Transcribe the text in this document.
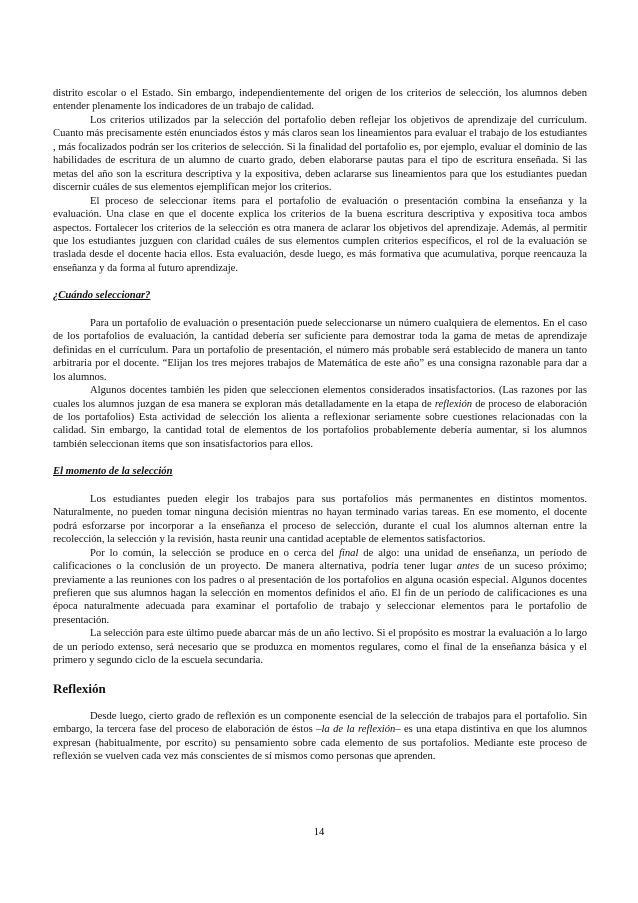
distrito escolar o el Estado. Sin embargo, independientemente del origen de los criterios de selección, los alumnos deben entender plenamente los indicadores de un trabajo de calidad.

Los criterios utilizados par la selección del portafolio deben reflejar los objetivos de aprendizaje del currículum. Cuanto más precisamente estén enunciados éstos y más claros sean los lineamientos para evaluar el trabajo de los estudiantes , más focalizados podrán ser los criterios de selección. Si la finalidad del portafolio es, por ejemplo, evaluar el dominio de las habilidades de escritura de un alumno de cuarto grado, deben elaborarse pautas para el tipo de escritura enseñada. Si las metas del año son la escritura descriptiva y la expositiva, deben aclararse sus lineamientos para que los estudiantes puedan discernir cuáles de sus elementos ejemplifican mejor los criterios.

El proceso de seleccionar ítems para el portafolio de evaluación o presentación combina la enseñanza y la evaluación. Una clase en que el docente explica los criterios de la buena escritura descriptiva y expositiva toca ambos aspectos. Fortalecer los criterios de la selección es otra manera de aclarar los objetivos del aprendizaje. Además, al permitir que los estudiantes juzguen con claridad cuáles de sus elementos cumplen criterios específicos, el rol de la evaluación se traslada desde el docente hacia ellos. Esta evaluación, desde luego, es más formativa que acumulativa, porque reencauza la enseñanza y da forma al futuro aprendizaje.

¿Cuándo seleccionar?

Para un portafolio de evaluación o presentación puede seleccionarse un número cualquiera de elementos. En el caso de los portafolios de evaluación, la cantidad debería ser suficiente para demostrar toda la gama de metas de aprendizaje definidas en el currículum. Para un portafolio de presentación, el número más probable será establecido de manera un tanto arbitraria por el docente. “Elijan los tres mejores trabajos de Matemática de este año” es una consigna razonable para dar a los alumnos.

Algunos docentes también les piden que seleccionen elementos considerados insatisfactorios. (Las razones por las cuales los alumnos juzgan de esa manera se exploran más detalladamente en la etapa de reflexión de proceso de elaboración de los portafolios) Esta actividad de selección los alienta a reflexionar seriamente sobre cuestiones relacionadas con la calidad. Sin embargo, la cantidad total de elementos de los portafolios probablemente debería aumentar, si los alumnos también seleccionan ítems que son insatisfactorios para ellos.

El momento de la selección

Los estudiantes pueden elegir los trabajos para sus portafolios más permanentes en distintos momentos. Naturalmente, no pueden tomar ninguna decisión mientras no hayan terminado varias tareas. En ese momento, el docente podrá esforzarse por incorporar a la enseñanza el proceso de selección, durante el cual los alumnos alternan entre la recolección, la selección y la revisión, hasta reunir una cantidad aceptable de elementos satisfactorios.

Por lo común, la selección se produce en o cerca del final de algo: una unidad de enseñanza, un período de calificaciones o la conclusión de un proyecto. De manera alternativa, podría tener lugar antes de un suceso próximo; previamente a las reuniones con los padres o al presentación de los portafolios en alguna ocasión especial. Algunos docentes prefieren que sus alumnos hagan la selección en momentos definidos el año. El fin de un período de calificaciones es una época naturalmente adecuada para examinar el portafolio de trabajo y seleccionar elementos para le portafolio de presentación.

La selección para este último puede abarcar más de un año lectivo. Si el propósito es mostrar la evaluación a lo largo de un período extenso, será necesario que se produzca en momentos regulares, como el final de la enseñanza básica y el primero y segundo ciclo de la escuela secundaria.

Reflexión

Desde luego, cierto grado de reflexión es un componente esencial de la selección de trabajos para el portafolio. Sin embargo, la tercera fase del proceso de elaboración de éstos –la de la reflexión– es una etapa distintiva en que los alumnos expresan (habitualmente, por escrito) su pensamiento sobre cada elemento de sus portafolios. Mediante este proceso de reflexión se vuelven cada vez más conscientes de sí mismos como personas que aprenden.

14
